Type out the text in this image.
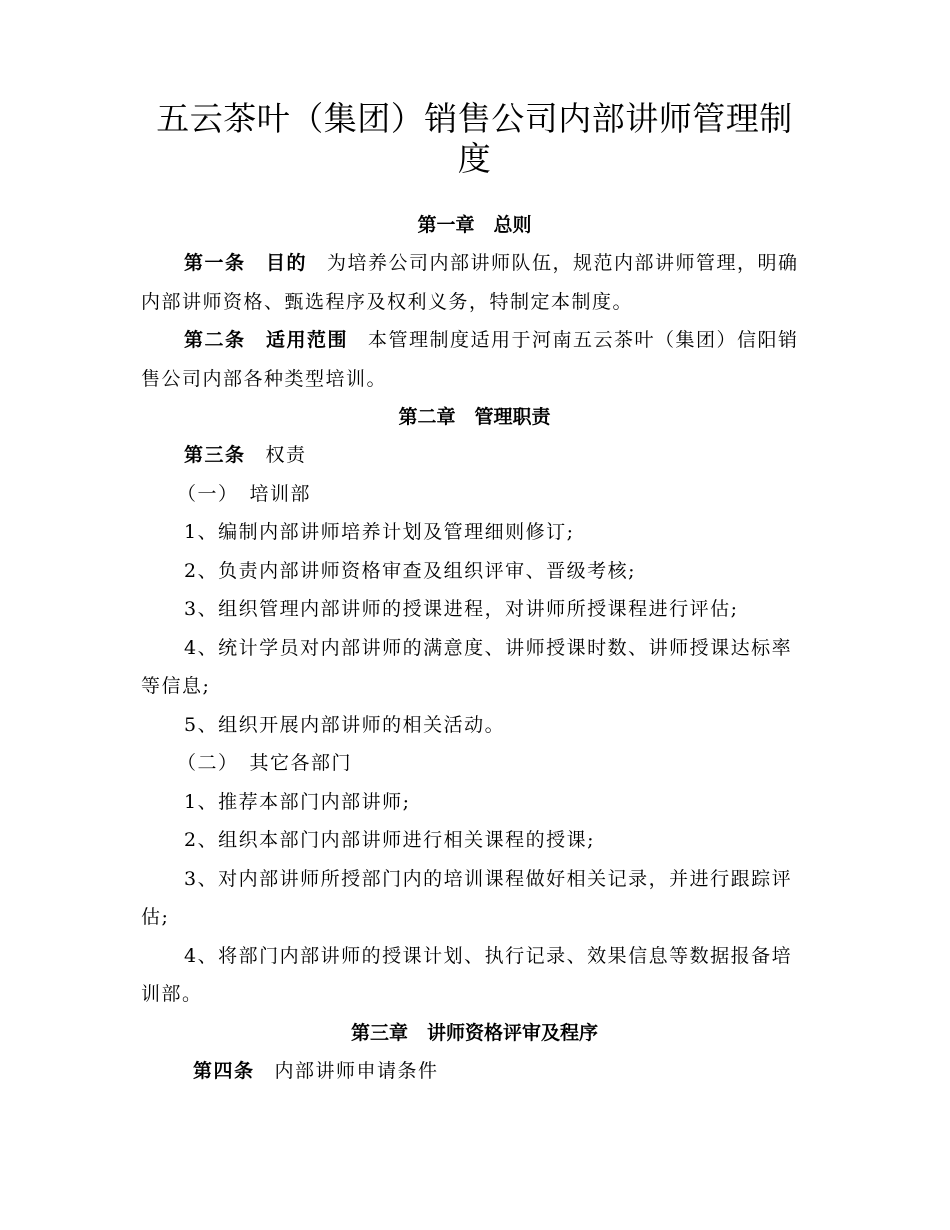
五云茶叶（集团）销售公司内部讲师管理制度
第一章　总则

第一条　目的 为培养公司内部讲师队伍，规范内部讲师管理，明确内部讲师资格、甄选程序及权利义务，特制定本制度。

第二条　适用范围 本管理制度适用于河南五云茶叶（集团）信阳销售公司内部各种类型培训。

第二章　管理职责

第三条 权责

（一）　培训部

1、编制内部讲师培养计划及管理细则修订;

2、负责内部讲师资格审查及组织评审、晋级考核;

3、组织管理内部讲师的授课进程，对讲师所授课程进行评估;

4、统计学员对内部讲师的满意度、讲师授课时数、讲师授课达标率等信息;

5、组织开展内部讲师的相关活动。

（二）　其它各部门

1、推荐本部门内部讲师;

2、组织本部门内部讲师进行相关课程的授课;

3、对内部讲师所授部门内的培训课程做好相关记录，并进行跟踪评估;

4、将部门内部讲师的授课计划、执行记录、效果信息等数据报备培训部。

第三章　讲师资格评审及程序

第四条 内部讲师申请条件
